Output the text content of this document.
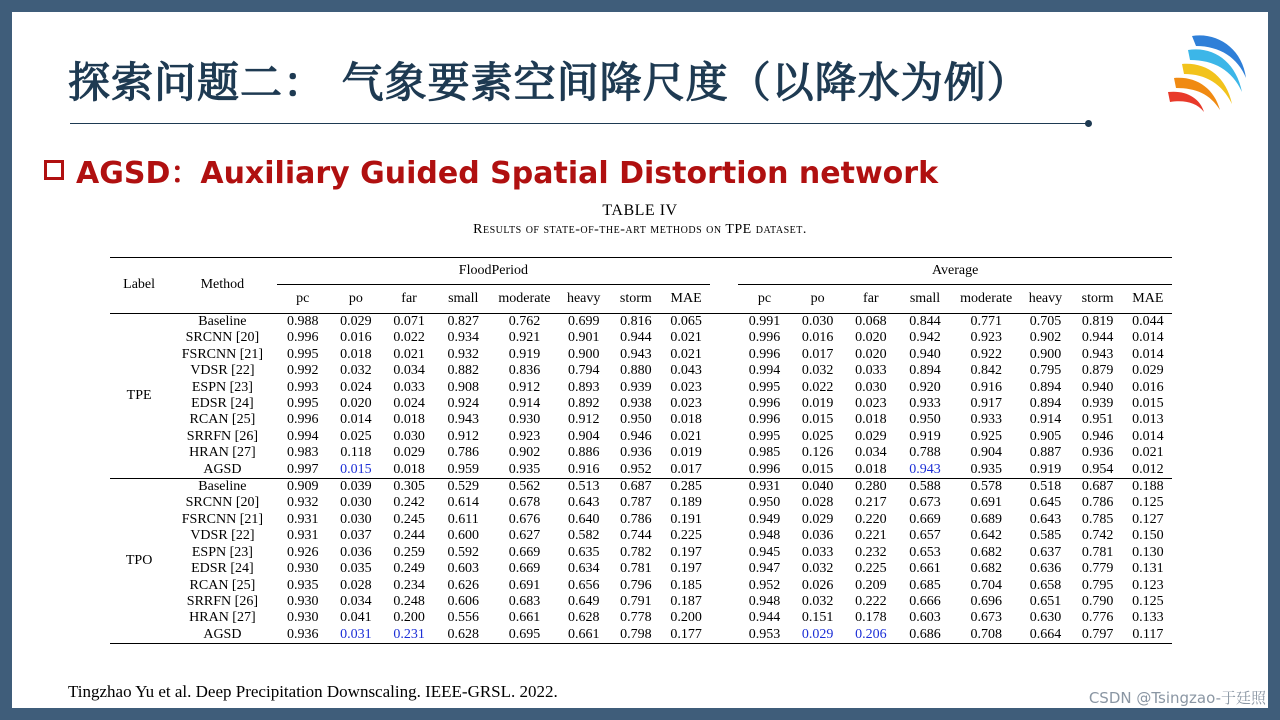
探索问题二： 气象要素空间降尺度（以降水为例）
AGSD：Auxiliary Guided Spatial Distortion network
TABLE IV
Results of state-of-the-art methods on TPE dataset.
Label	Method	FloodPeriod									Average							
		pc	po	far	small	moderate	heavy	storm	MAE		pc	po	far	small	moderate	heavy	storm	MAE
TPE	Baseline	0.988	0.029	0.071	0.827	0.762	0.699	0.816	0.065		0.991	0.030	0.068	0.844	0.771	0.705	0.819	0.044
	SRCNN [20]	0.996	0.016	0.022	0.934	0.921	0.901	0.944	0.021		0.996	0.016	0.020	0.942	0.923	0.902	0.944	0.014
	FSRCNN [21]	0.995	0.018	0.021	0.932	0.919	0.900	0.943	0.021		0.996	0.017	0.020	0.940	0.922	0.900	0.943	0.014
	VDSR [22]	0.992	0.032	0.034	0.882	0.836	0.794	0.880	0.043		0.994	0.032	0.033	0.894	0.842	0.795	0.879	0.029
	ESPN [23]	0.993	0.024	0.033	0.908	0.912	0.893	0.939	0.023		0.995	0.022	0.030	0.920	0.916	0.894	0.940	0.016
	EDSR [24]	0.995	0.020	0.024	0.924	0.914	0.892	0.938	0.023		0.996	0.019	0.023	0.933	0.917	0.894	0.939	0.015
	RCAN [25]	0.996	0.014	0.018	0.943	0.930	0.912	0.950	0.018		0.996	0.015	0.018	0.950	0.933	0.914	0.951	0.013
	SRRFN [26]	0.994	0.025	0.030	0.912	0.923	0.904	0.946	0.021		0.995	0.025	0.029	0.919	0.925	0.905	0.946	0.014
	HRAN [27]	0.983	0.118	0.029	0.786	0.902	0.886	0.936	0.019		0.985	0.126	0.034	0.788	0.904	0.887	0.936	0.021
	AGSD	0.997	0.015	0.018	0.959	0.935	0.916	0.952	0.017		0.996	0.015	0.018	0.943	0.935	0.919	0.954	0.012
TPO	Baseline	0.909	0.039	0.305	0.529	0.562	0.513	0.687	0.285		0.931	0.040	0.280	0.588	0.578	0.518	0.687	0.188
	SRCNN [20]	0.932	0.030	0.242	0.614	0.678	0.643	0.787	0.189		0.950	0.028	0.217	0.673	0.691	0.645	0.786	0.125
	FSRCNN [21]	0.931	0.030	0.245	0.611	0.676	0.640	0.786	0.191		0.949	0.029	0.220	0.669	0.689	0.643	0.785	0.127
	VDSR [22]	0.931	0.037	0.244	0.600	0.627	0.582	0.744	0.225		0.948	0.036	0.221	0.657	0.642	0.585	0.742	0.150
	ESPN [23]	0.926	0.036	0.259	0.592	0.669	0.635	0.782	0.197		0.945	0.033	0.232	0.653	0.682	0.637	0.781	0.130
	EDSR [24]	0.930	0.035	0.249	0.603	0.669	0.634	0.781	0.197		0.947	0.032	0.225	0.661	0.682	0.636	0.779	0.131
	RCAN [25]	0.935	0.028	0.234	0.626	0.691	0.656	0.796	0.185		0.952	0.026	0.209	0.685	0.704	0.658	0.795	0.123
	SRRFN [26]	0.930	0.034	0.248	0.606	0.683	0.649	0.791	0.187		0.948	0.032	0.222	0.666	0.696	0.651	0.790	0.125
	HRAN [27]	0.930	0.041	0.200	0.556	0.661	0.628	0.778	0.200		0.944	0.151	0.178	0.603	0.673	0.630	0.776	0.133
	AGSD	0.936	0.031	0.231	0.628	0.695	0.661	0.798	0.177		0.953	0.029	0.206	0.686	0.708	0.664	0.797	0.117
Tingzhao Yu et al. Deep Precipitation Downscaling. IEEE-GRSL. 2022.	CSDN @Tsingzao-于廷照
